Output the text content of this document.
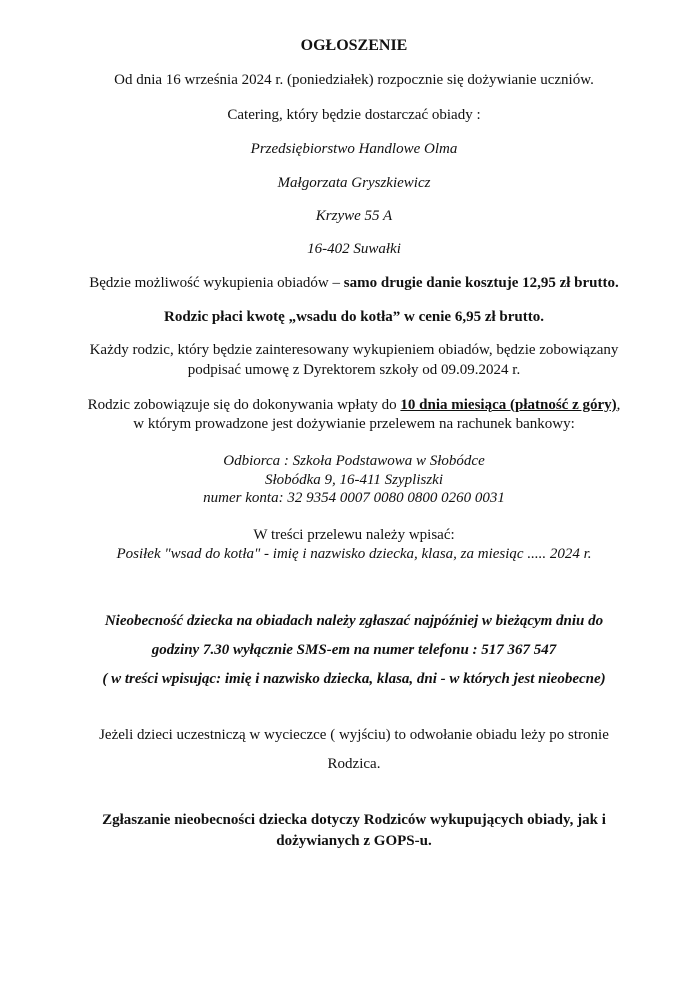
OGŁOSZENIE
Od dnia 16 września 2024 r. (poniedziałek) rozpocznie się dożywianie uczniów.
Catering, który będzie dostarczać obiady :
Przedsiębiorstwo Handlowe Olma
Małgorzata Gryszkiewicz
Krzywe 55 A
16-402 Suwałki
Będzie możliwość wykupienia obiadów – samo drugie danie kosztuje 12,95 zł brutto.
Rodzic płaci kwotę „wsadu do kotła” w cenie 6,95 zł brutto.
Każdy rodzic, który będzie zainteresowany wykupieniem obiadów, będzie zobowiązany
podpisać umowę z Dyrektorem szkoły od 09.09.2024 r.
Rodzic zobowiązuje się do dokonywania wpłaty do 10 dnia miesiąca (płatność z góry),
w którym prowadzone jest dożywianie przelewem na rachunek bankowy:
Odbiorca : Szkoła Podstawowa w Słobódce
Słobódka 9, 16-411 Szypliszki
numer konta: 32 9354 0007 0080 0800 0260 0031
W treści przelewu należy wpisać:
Posiłek "wsad do kotła" - imię i nazwisko dziecka, klasa, za miesiąc ..... 2024 r.
Nieobecność dziecka na obiadach należy zgłaszać najpóźniej w bieżącym dniu do
godziny 7.30 wyłącznie SMS-em na numer telefonu : 517 367 547
( w treści wpisując: imię i nazwisko dziecka, klasa, dni - w których jest nieobecne)
Jeżeli dzieci uczestniczą w wycieczce ( wyjściu) to odwołanie obiadu leży po stronie
Rodzica.
Zgłaszanie nieobecności dziecka dotyczy Rodziców wykupujących obiady, jak i
dożywianych z GOPS-u.
